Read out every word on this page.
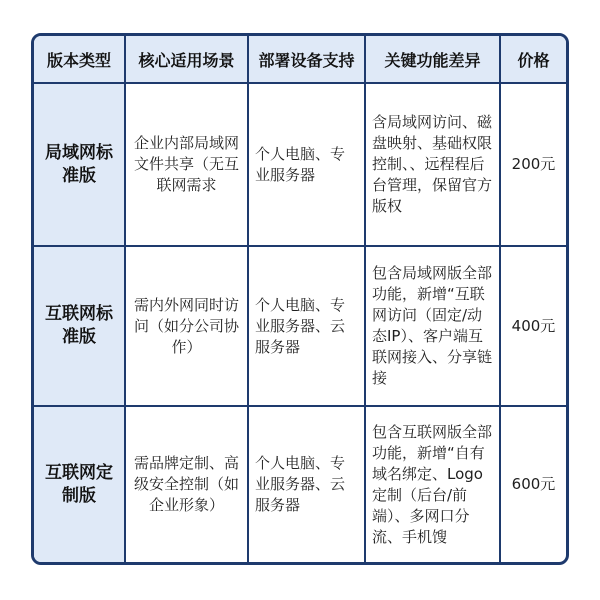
版本类型	核心适用场景	部署设备支持	关键功能差异	价格
局域网标准版	企业内部局域网文件共享（无互联网需求	个人电脑、专业服务器	含局域网访问、磁盘映射、基础权限控制、、远程程后台管理，保留官方版权	200元
互联网标准版	需内外网同时访问（如分公司协作）	个人电脑、专业服务器、云服务器	包含局域网版全部功能，新增“互联网访问（固定/动态IP）、客户端互联网接入、分享链接	400元
互联网定制版	需品牌定制、高级安全控制（如企业形象）	个人电脑、专业服务器、云服务器	包含互联网版全部功能，新增“自有域名绑定、Logo定制（后台/前端）、多网口分流、手机馊	600元
